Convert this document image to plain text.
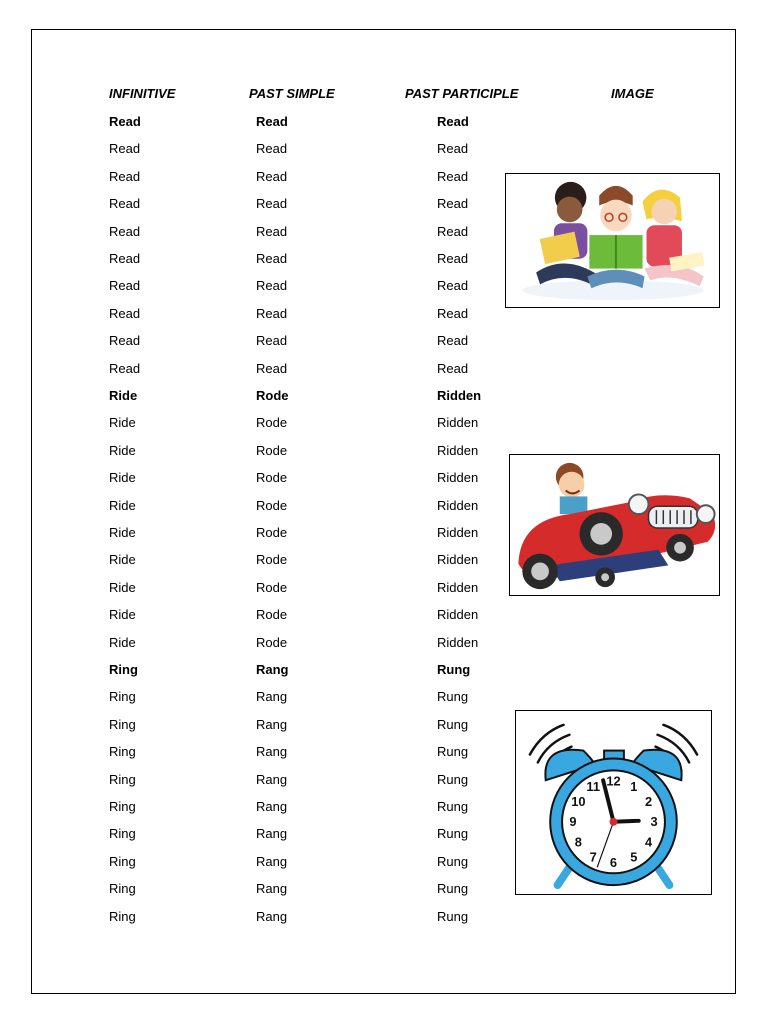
INFINITIVE	PAST SIMPLE	PAST PARTICIPLE	IMAGE
Read	Read	Read
Read	Read	Read
Read	Read	Read
Read	Read	Read
Read	Read	Read
Read	Read	Read
Read	Read	Read
Read	Read	Read
Read	Read	Read
Read	Read	Read
Ride	Rode	Ridden
Ride	Rode	Ridden
Ride	Rode	Ridden
Ride	Rode	Ridden
Ride	Rode	Ridden
Ride	Rode	Ridden
Ride	Rode	Ridden
Ride	Rode	Ridden
Ride	Rode	Ridden
Ride	Rode	Ridden
Ring	Rang	Rung
Ring	Rang	Rung
Ring	Rang	Rung
Ring	Rang	Rung
Ring	Rang	Rung
Ring	Rang	Rung
Ring	Rang	Rung
Ring	Rang	Rung
Ring	Rang	Rung
Ring	Rang	Rung
12 1
2
3
4
5
6
7
8
9
10
11
